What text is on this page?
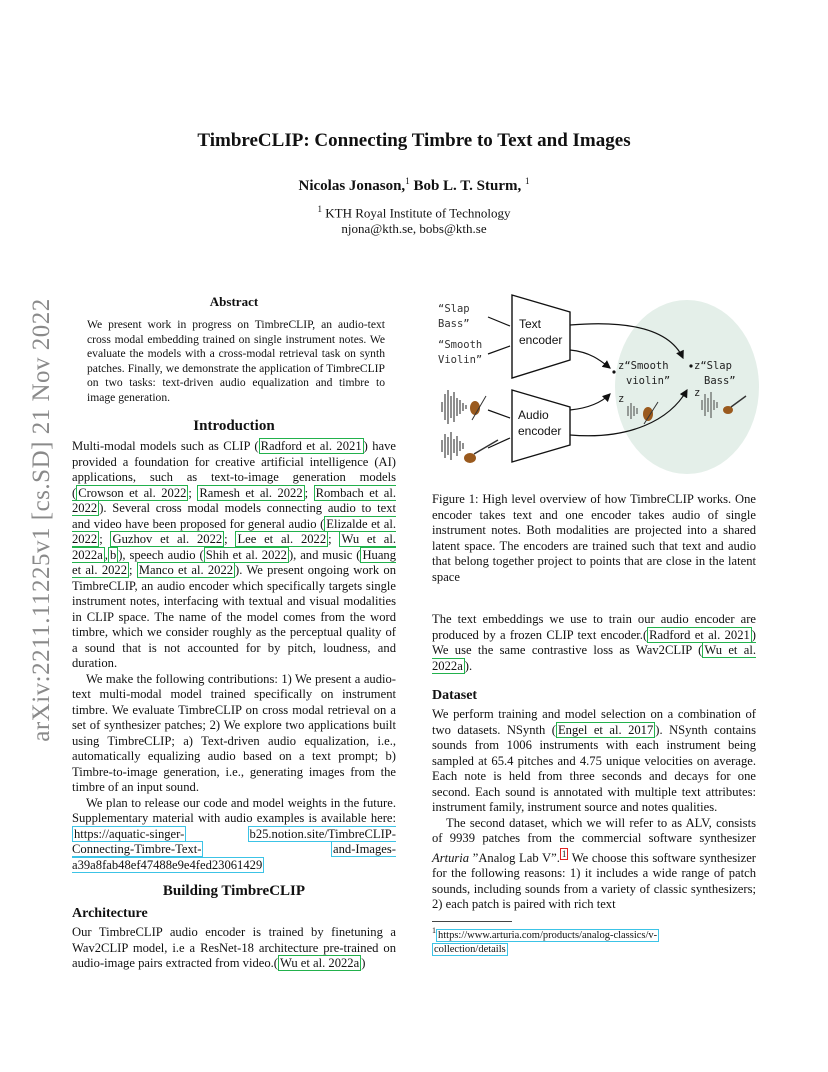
TimbreCLIP: Connecting Timbre to Text and Images
Nicolas Jonason,$^1$ Bob L. T. Sturm, $^1$
$^1$ KTH Royal Institute of Technology
njona@kth.se, bobs@kth.se
arXiv:2211.11225v1 [cs.SD] 21 Nov 2022	Abstract
We present work in progress on TimbreCLIP, an audio-text cross modal embedding trained on single instrument notes. We evaluate the models with a cross-modal retrieval task on synth patches. Finally, we demonstrate the application of TimbreCLIP on two tasks: text-driven audio equalization and timbre to image generation.
Introduction

Multi-modal models such as CLIP ( Radford et al. 2021 ) have provided a foundation for creative artificial intelligence (AI) applications, such as text-to-image generation models ( Crowson et al. 2022 ; Ramesh et al. 2022 ; Rombach et al. 2022 ). Several cross modal models connecting audio to text and video have been proposed for general audio ( Elizalde et al. 2022 ; Guzhov et al. 2022 ; Lee et al. 2022 ; Wu et al. 2022a , b ), speech audio ( Shih et al. 2022 ), and music ( Huang et al. 2022 ; Manco et al. 2022 ). We present ongoing work on TimbreCLIP, an audio encoder which specifically targets single instrument notes, interfacing with textual and visual modalities in CLIP space. The name of the model comes from the word timbre, which we consider roughly as the perceptual quality of a sound that is not accounted for by pitch, loudness, and duration.

We make the following contributions: 1) We present a audio-text multi-modal model trained specifically on instrument timbre. We evaluate TimbreCLIP on cross modal retrieval on a set of synthesizer patches; 2) We explore two applications built using TimbreCLIP; a) Text-driven audio equalization, i.e., automatically equalizing audio based on a text prompt; b) Timbre-to-image generation, i.e., generating images from the timbre of an input sound.

We plan to release our code and model weights in the future. Supplementary material with audio examples is available here: https://aquatic-singer-	b25.notion.site/TimbreCLIP-Connecting-Timbre-Text-	and-Images-a39a8fab48ef47488e9e4fed23061429

Building TimbreCLIP
Architecture

Our TimbreCLIP audio encoder is trained by finetuning a Wav2CLIP model, i.e a ResNet-18 architecture pre-trained on audio-image pairs extracted from video.( Wu et al. 2022a )

“Slap Bass”
“Smooth Violin”
Text encoder
Audio encoder
z“Smooth violin”
z
z“Slap Bass”
z
Figure 1: High level overview of how TimbreCLIP works. One encoder takes text and one encoder takes audio of single instrument notes. Both modalities are projected into a shared latent space. The encoders are trained such that text and audio that belong together project to points that are close in the latent space

The text embeddings we use to train our audio encoder are produced by a frozen CLIP text encoder.( Radford et al. 2021 ) We use the same contrastive loss as Wav2CLIP ( Wu et al. 2022a ).

Dataset

We perform training and model selection on a combination of two datasets. NSynth ( Engel et al. 2017 ). NSynth contains sounds from 1006 instruments with each instrument being sampled at 65.4 pitches and 4.75 unique velocities on average. Each note is held from three seconds and decays for one second. Each sound is annotated with multiple text attributes: instrument family, instrument source and notes qualities.

The second dataset, which we will refer to as ALV, consists of 9939 patches from the commercial software synthesizer Arturia ”Analog Lab V”. $^1$ We choose this software synthesizer for the following reasons: 1) it includes a wide range of patch sounds, including sounds from a variety of classic synthesizers; 2) each patch is paired with rich text

$^1$ https://www.arturia.com/products/analog-classics/v-
collection/details
